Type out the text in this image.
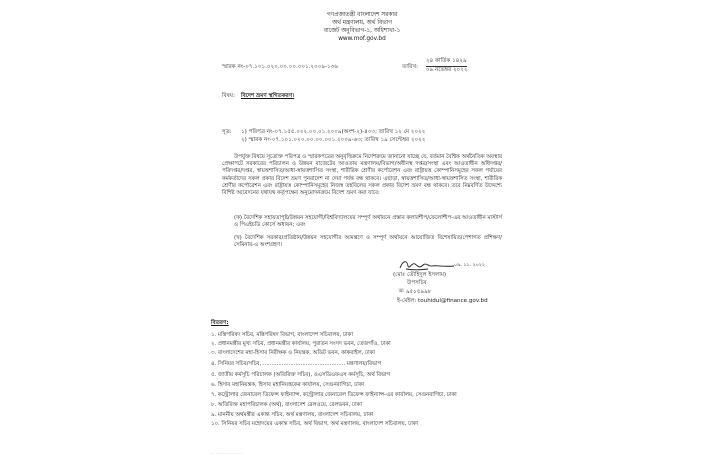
গণপ্রজাতন্ত্রী বাংলাদেশ সরকার
অর্থ মন্ত্রণালয়, অর্থ বিভাগ
বাজেট অনুবিভাগ-১, অধিশাখা-১
www.mof.gov.bd
স্মারক নং-০৭.১০১.০২০.০০.০০.০০১.২০০৯-১৩৬	তারিখ:
২৪ কার্তিক ১৪২৯
০৯ নভেম্বর ২০২২
বিষয়: বিদেশ ভ্রমণ স্থগিতকরণ।
সূত্র: ১) পরিপত্র নং-০৭.১৫৫.০২২.০০.০১.২০০৯(অংশ-২)-৪০৩; তারিখ ১২ মে ২০২২
২) স্মারক নং-০৭.১০১.০২০.০০.০০.০০১.২০০৯-৬৩; তারিখ ১৯ সেপ্টেম্বর ২০২২
উপর্যুক্ত বিষয়ে সূত্রোক্ত পরিপত্র ও স্মারকপত্রের অনুবৃত্তিক্রমে নির্দেশক্রমে জানানো যাচ্ছে যে, বর্তমান বৈশ্বিক অর্থনৈতিক অবস্থার প্রেক্ষাপটে সরকারের পরিচালন ও উন্নয়ন বাজেটের আওতায় মন্ত্রণালয়/বিভাগ/অধীনস্থ দপ্তর/সংস্থা এবং আওতাধীন অধিদপ্তর/পরিদপ্তর/দপ্তর, স্বায়ত্তশাসিত/আধা-স্বায়ত্তশাসিত সংস্থা, শারীরিক শ্রেণীর কর্পোরেশন এবং রাষ্ট্রায়ত্ত কোম্পানিসমূহের সকল পর্যায়ের কর্মকর্তাদের সকল প্রকার বিদেশ ভ্রমণ পুনরাদেশ না দেয়া পর্যন্ত বন্ধ থাকবে। এছাড়া, স্বায়ত্তশাসিত/আধা-স্বায়ত্তশাসিত সংস্থা, শারীরিক শ্রেণীর কর্পোরেশন এবং রাষ্ট্রায়ত্ত কোম্পানিসমূহের নিজস্ব তহবিলের সকল প্রকার বিদেশ ভ্রমণ বন্ধ থাকবে। তবে নিম্নবর্ণিত উদ্দেশ্যে বিশিষ্ট আবেদনের যথাযথ কর্তৃপক্ষের অনুমোদনক্রমে বিদেশ ভ্রমণ করা যাবে:
(ক) বৈদেশিক সহায়তাপুষ্ট/উন্নয়ন সহযোগী/বিশ্ববিদ্যালয়ের সম্পূর্ণ অর্থায়নে প্রস্তাব কলারশীপ/ফেলোশীপ-এর আওতাধীন মাস্টার্স ও পিএইচডি কোর্সে অধ্যয়ন; এবং
(খ) বৈদেশিক সরকার/প্রতিষ্ঠান/উন্নয়ন সহযোগীর আমন্ত্রণে ও সম্পূর্ণ অর্থায়নে আয়োজিত বিশেষায়িত/পেশাগত প্রশিক্ষণ/সেমিনার-এ অংশগ্রহণ।
০৯. ১১. ২০২২
(মোঃ তৌহিদুল ইসলাম)
উপসচিব
☏ ৯৫১৫৯৯৮
ই-মেইল: touhidul@finance.gov.bd
বিতরণ:
১. মন্ত্রিপরিষদ সচিব, মন্ত্রিপরিষদ বিভাগ, বাংলাদেশ সচিবালয়, ঢাকা
২. প্রধানমন্ত্রীর মুখ্য সচিব, প্রধানমন্ত্রীর কার্যালয়, পুরাতন সংসদ ভবন, তেজগাঁও, ঢাকা
৩. বাংলাদেশের মহা-হিসাব নিরীক্ষক ও নিয়ন্ত্রক, অডিট ভবন, কাকরাইল, ঢাকা
৪. সিনিয়র সচিব/সচিব, ................................................ মন্ত্রণালয়/বিভাগ
৫. জাতীয় কর্মসূচি পরিচালক (অতিরিক্ত সচিব), ওএসডিএফএস কর্মসূচি, অর্থ বিভাগ
৬. হিসাব মহানিয়ন্ত্রক, হিসাব মহানিয়ন্ত্রকের কার্যালয়, সেগুনবাগিচা, ঢাকা
৭. কন্ট্রোলার জেনারেল ডিফেন্স ফাইন্যান্স, কন্ট্রোলার জেনারেল ডিফেন্স ফাইন্যান্স-এর কার্যালয়, সেগুনবাগিচা, ঢাকা
৮. অতিরিক্ত মহাপরিচালক (অর্থ), বাংলাদেশ রেলওয়ে, রেলভবন, ঢাকা
৯. মাননীয় অর্থমন্ত্রীর একান্ত সচিব, অর্থ মন্ত্রণালয়, বাংলাদেশ সচিবালয়, ঢাকা
১০. সিনিয়র সচিব মহোদয়ের একান্ত সচিব, অর্থ বিভাগ, অর্থ মন্ত্রণালয়, বাংলাদেশ সচিবালয়, ঢাকা
· · · · · · · · · · · · · ·
